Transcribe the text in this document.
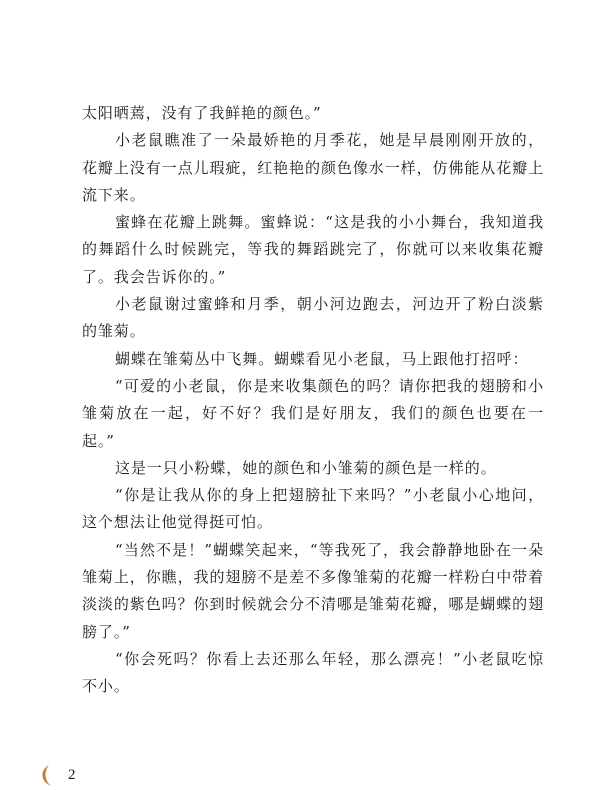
太阳晒蔫，没有了我鲜艳的颜色。”

小老鼠瞧准了一朵最娇艳的月季花，她是早晨刚刚开放的，花瓣上没有一点儿瑕疵，红艳艳的颜色像水一样，仿佛能从花瓣上流下来。

蜜蜂在花瓣上跳舞。蜜蜂说：“这是我的小小舞台，我知道我的舞蹈什么时候跳完，等我的舞蹈跳完了，你就可以来收集花瓣了。我会告诉你的。”

小老鼠谢过蜜蜂和月季，朝小河边跑去，河边开了粉白淡紫的雏菊。

蝴蝶在雏菊丛中飞舞。蝴蝶看见小老鼠，马上跟他打招呼：

“可爱的小老鼠，你是来收集颜色的吗？请你把我的翅膀和小雏菊放在一起，好不好？我们是好朋友，我们的颜色也要在一起。”

这是一只小粉蝶，她的颜色和小雏菊的颜色是一样的。

“你是让我从你的身上把翅膀扯下来吗？”小老鼠小心地问，这个想法让他觉得挺可怕。

“当然不是！”蝴蝶笑起来，“等我死了，我会静静地卧在一朵雏菊上，你瞧，我的翅膀不是差不多像雏菊的花瓣一样粉白中带着淡淡的紫色吗？你到时候就会分不清哪是雏菊花瓣，哪是蝴蝶的翅膀了。”

“你会死吗？你看上去还那么年轻，那么漂亮！”小老鼠吃惊不小。

2
